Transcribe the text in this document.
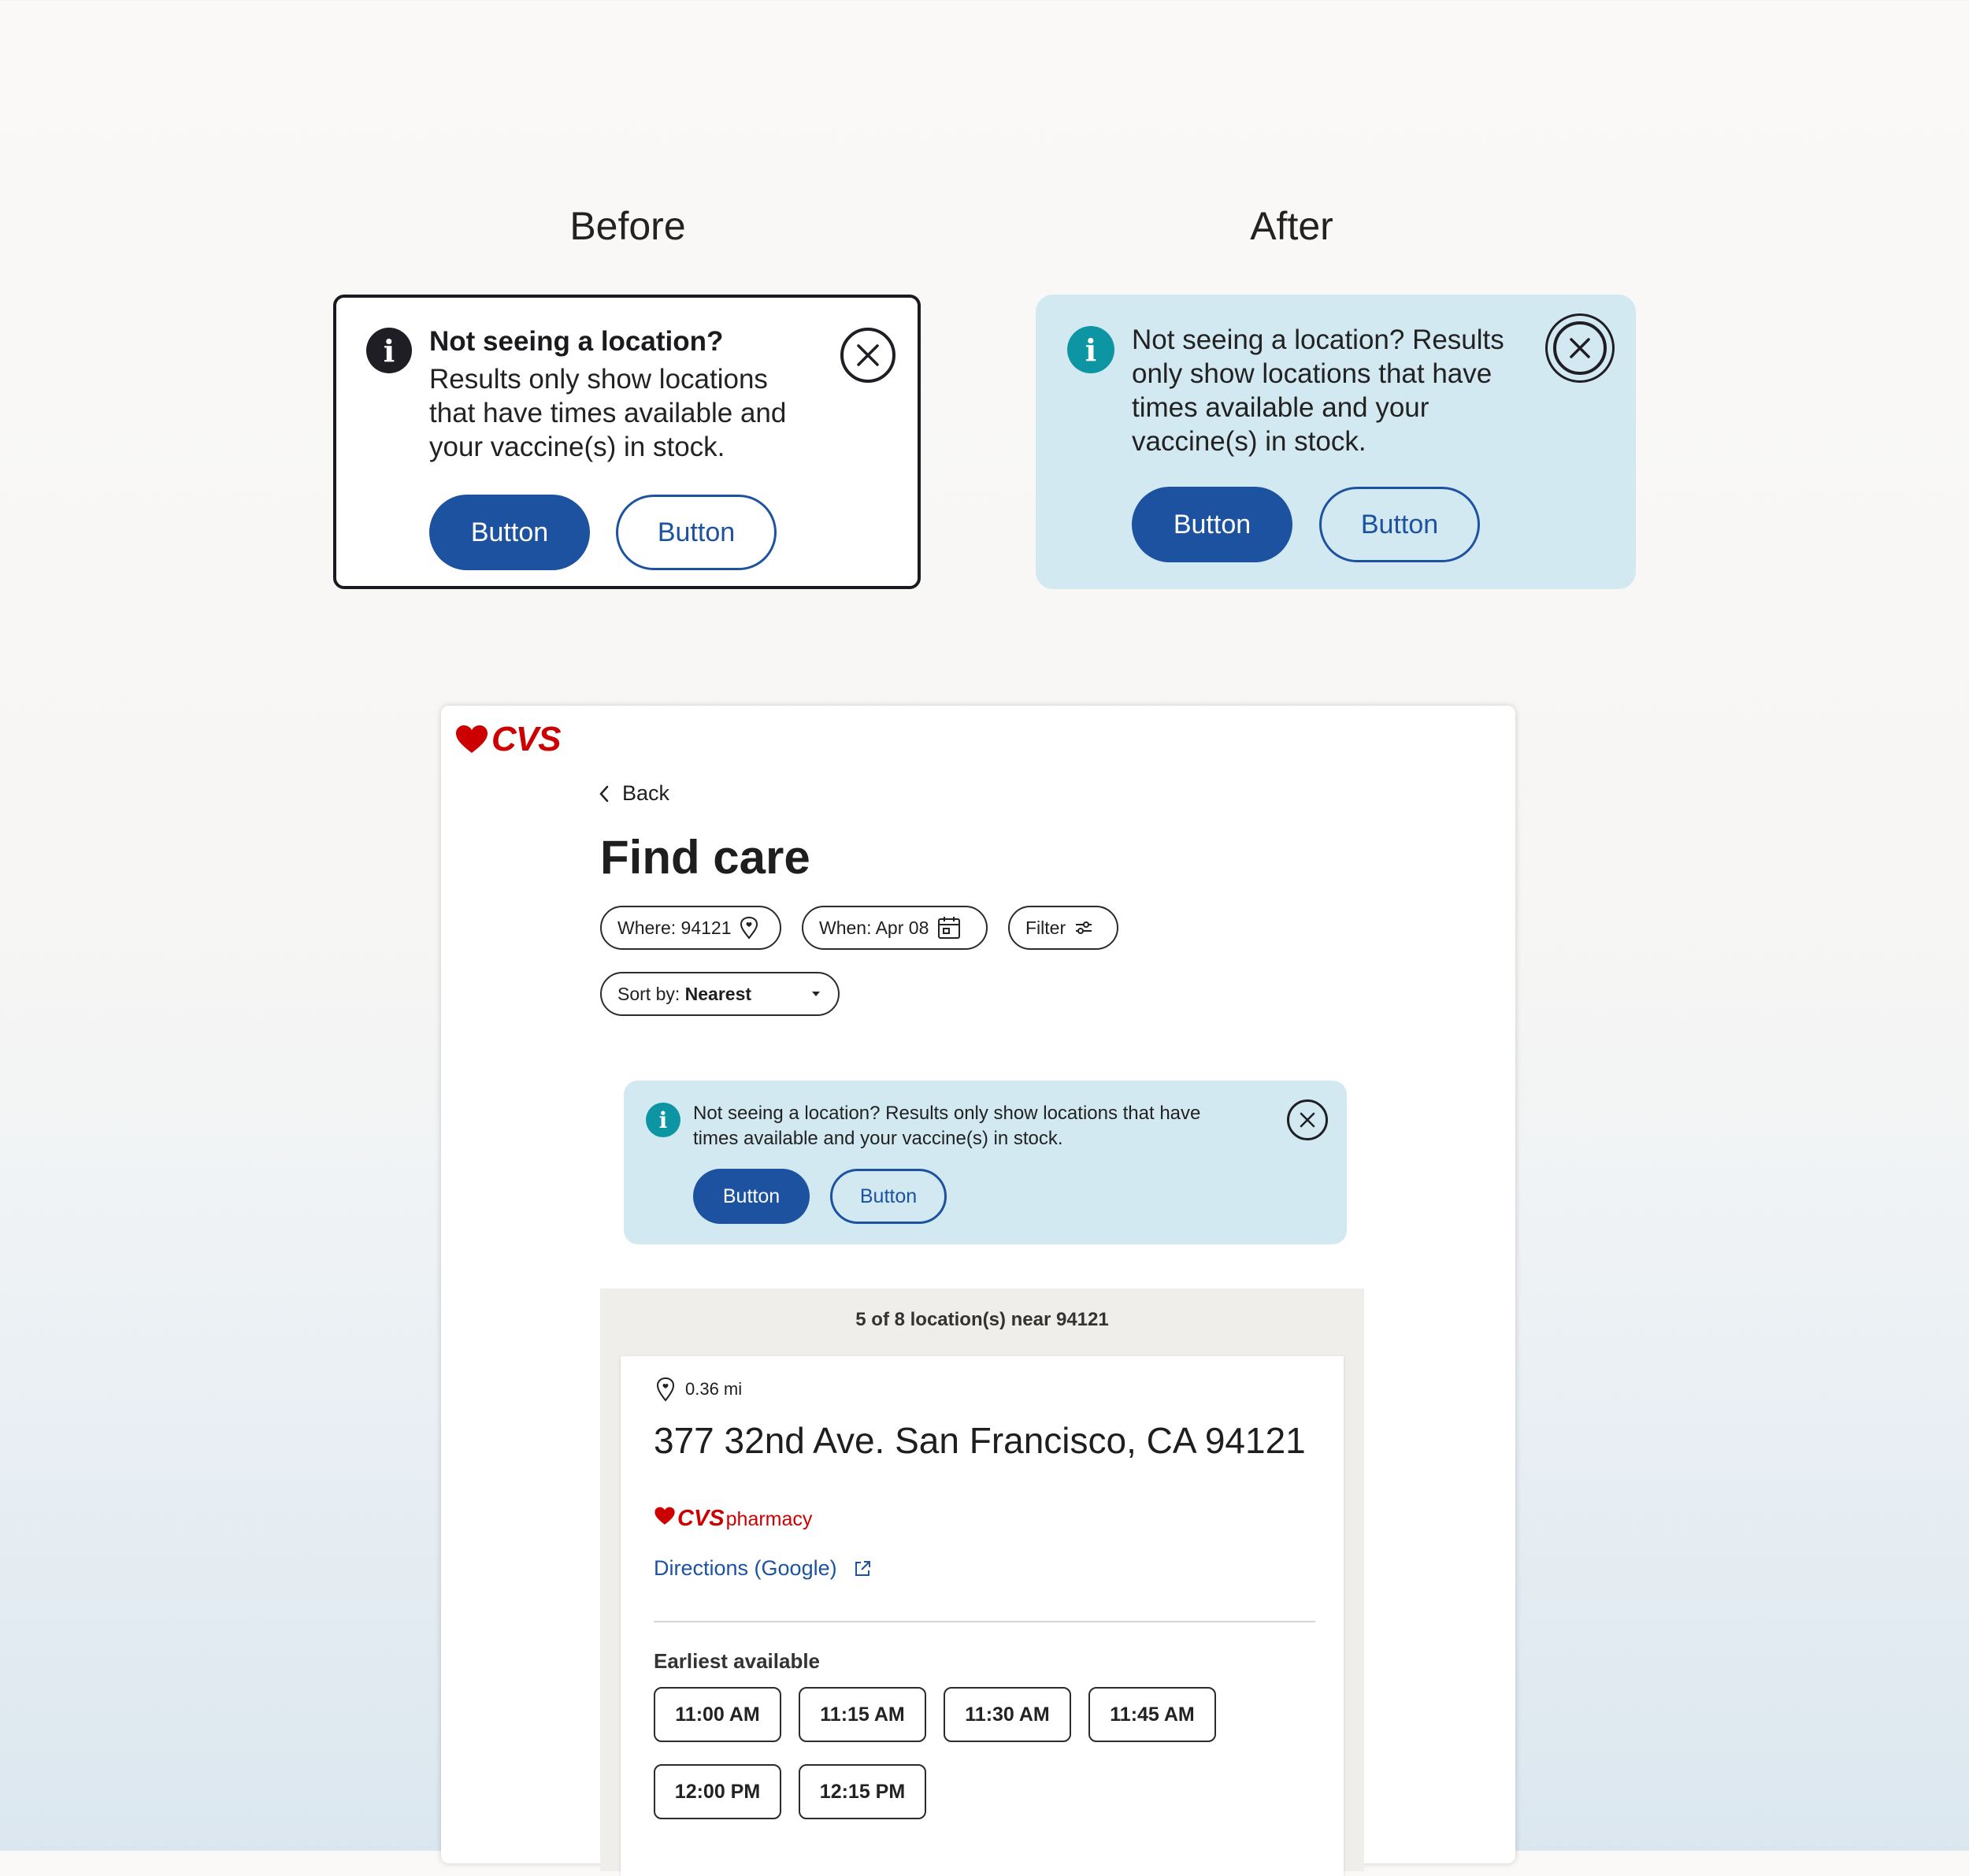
Before	After
i	Not seeing a location?
Results only show locations
that have times available and
your vaccine(s) in stock.
Button	Button
i	Not seeing a location? Results
only show locations that have
times available and your
vaccine(s) in stock.
Button	Button
CVS
Back
Find care
Where: 94121	When: Apr 08	Filter
Sort by: Nearest
i	Not seeing a location? Results only show locations that have
times available and your vaccine(s) in stock.
Button	Button
5 of 8 location(s) near 94121
0.36 mi
377 32nd Ave. San Francisco, CA 94121
CVS pharmacy
Directions (Google)
Earliest available
11:00 AM	11:15 AM	11:30 AM	11:45 AM
12:00 PM	12:15 PM
